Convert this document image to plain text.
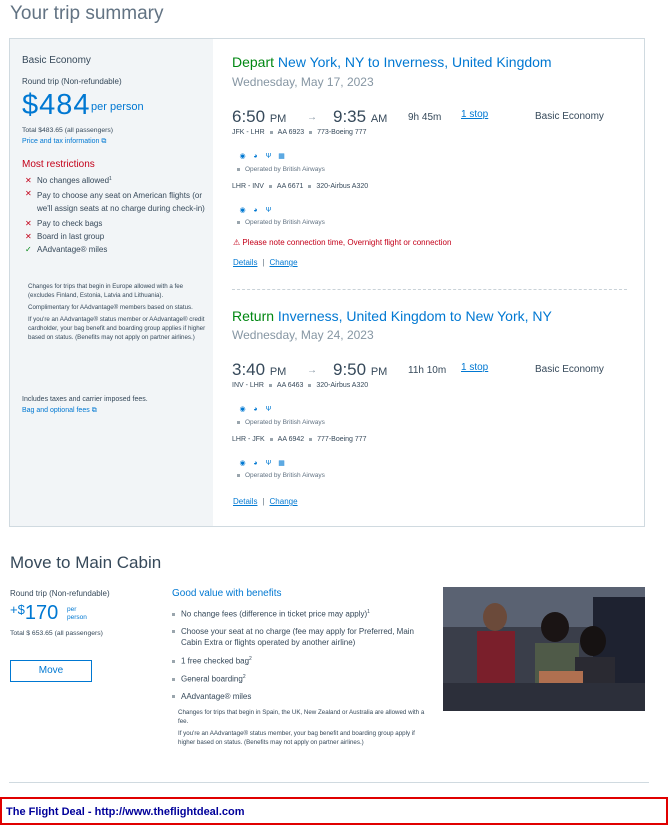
Your trip summary
Basic Economy
Round trip (Non-refundable)
$484 per person
Total $483.65 (all passengers)
Price and tax information ⧉
Most restrictions
✕ No changes allowed 1
✕ Pay to choose any seat on American flights (or we'll assign seats at no charge during check-in)
✕ Pay to check bags
✕ Board in last group
✓ AAdvantage® miles
Changes for trips that begin in Europe allowed with a fee (excludes Finland, Estonia, Latvia and Lithuania).
Complimentary for AAdvantage® members based on status.
If you're an AAdvantage® status member or AAdvantage® credit cardholder, your bag benefit and boarding group applies if higher based on status. (Benefits may not apply on partner airlines.)
Includes taxes and carrier imposed fees.
Bag and optional fees ⧉
Depart New York, NY to Inverness, United Kingdom
Wednesday, May 17, 2023
6:50 PM → 9:35 AM 9h 45m 1 stop	Basic Economy
JFK - LHR AA 6923 773-Boeing 777
◉ ◕ Ψ ▦
Operated by British Airways
LHR - INV AA 6671 320-Airbus A320
◉ ◕ Ψ
Operated by British Airways
⚠ Please note connection time, Overnight flight or connection
Details | Change
Return Inverness, United Kingdom to New York, NY
Wednesday, May 24, 2023
3:40 PM → 9:50 PM 11h 10m 1 stop	Basic Economy
INV - LHR AA 6463 320-Airbus A320
◉ ◕ Ψ
Operated by British Airways
LHR - JFK AA 6942 777-Boeing 777
◉ ◕ Ψ ▦
Operated by British Airways
Details | Change
Move to Main Cabin
Round trip (Non-refundable)
+$170 per
person
Total $ 653.65 (all passengers)
Move
Good value with benefits
No change fees (difference in ticket price may apply)$^1$
Choose your seat at no charge (fee may apply for Preferred, Main Cabin Extra or flights operated by another airline)
1 free checked bag$^2$
General boarding$^2$
AAdvantage® miles
Changes for trips that begin in Spain, the UK, New Zealand or Australia are allowed with a fee.
If you're an AAdvantage® status member, your bag benefit and boarding group apply if higher based on status. (Benefits may not apply on partner airlines.)
The Flight Deal - http://www.theflightdeal.com
